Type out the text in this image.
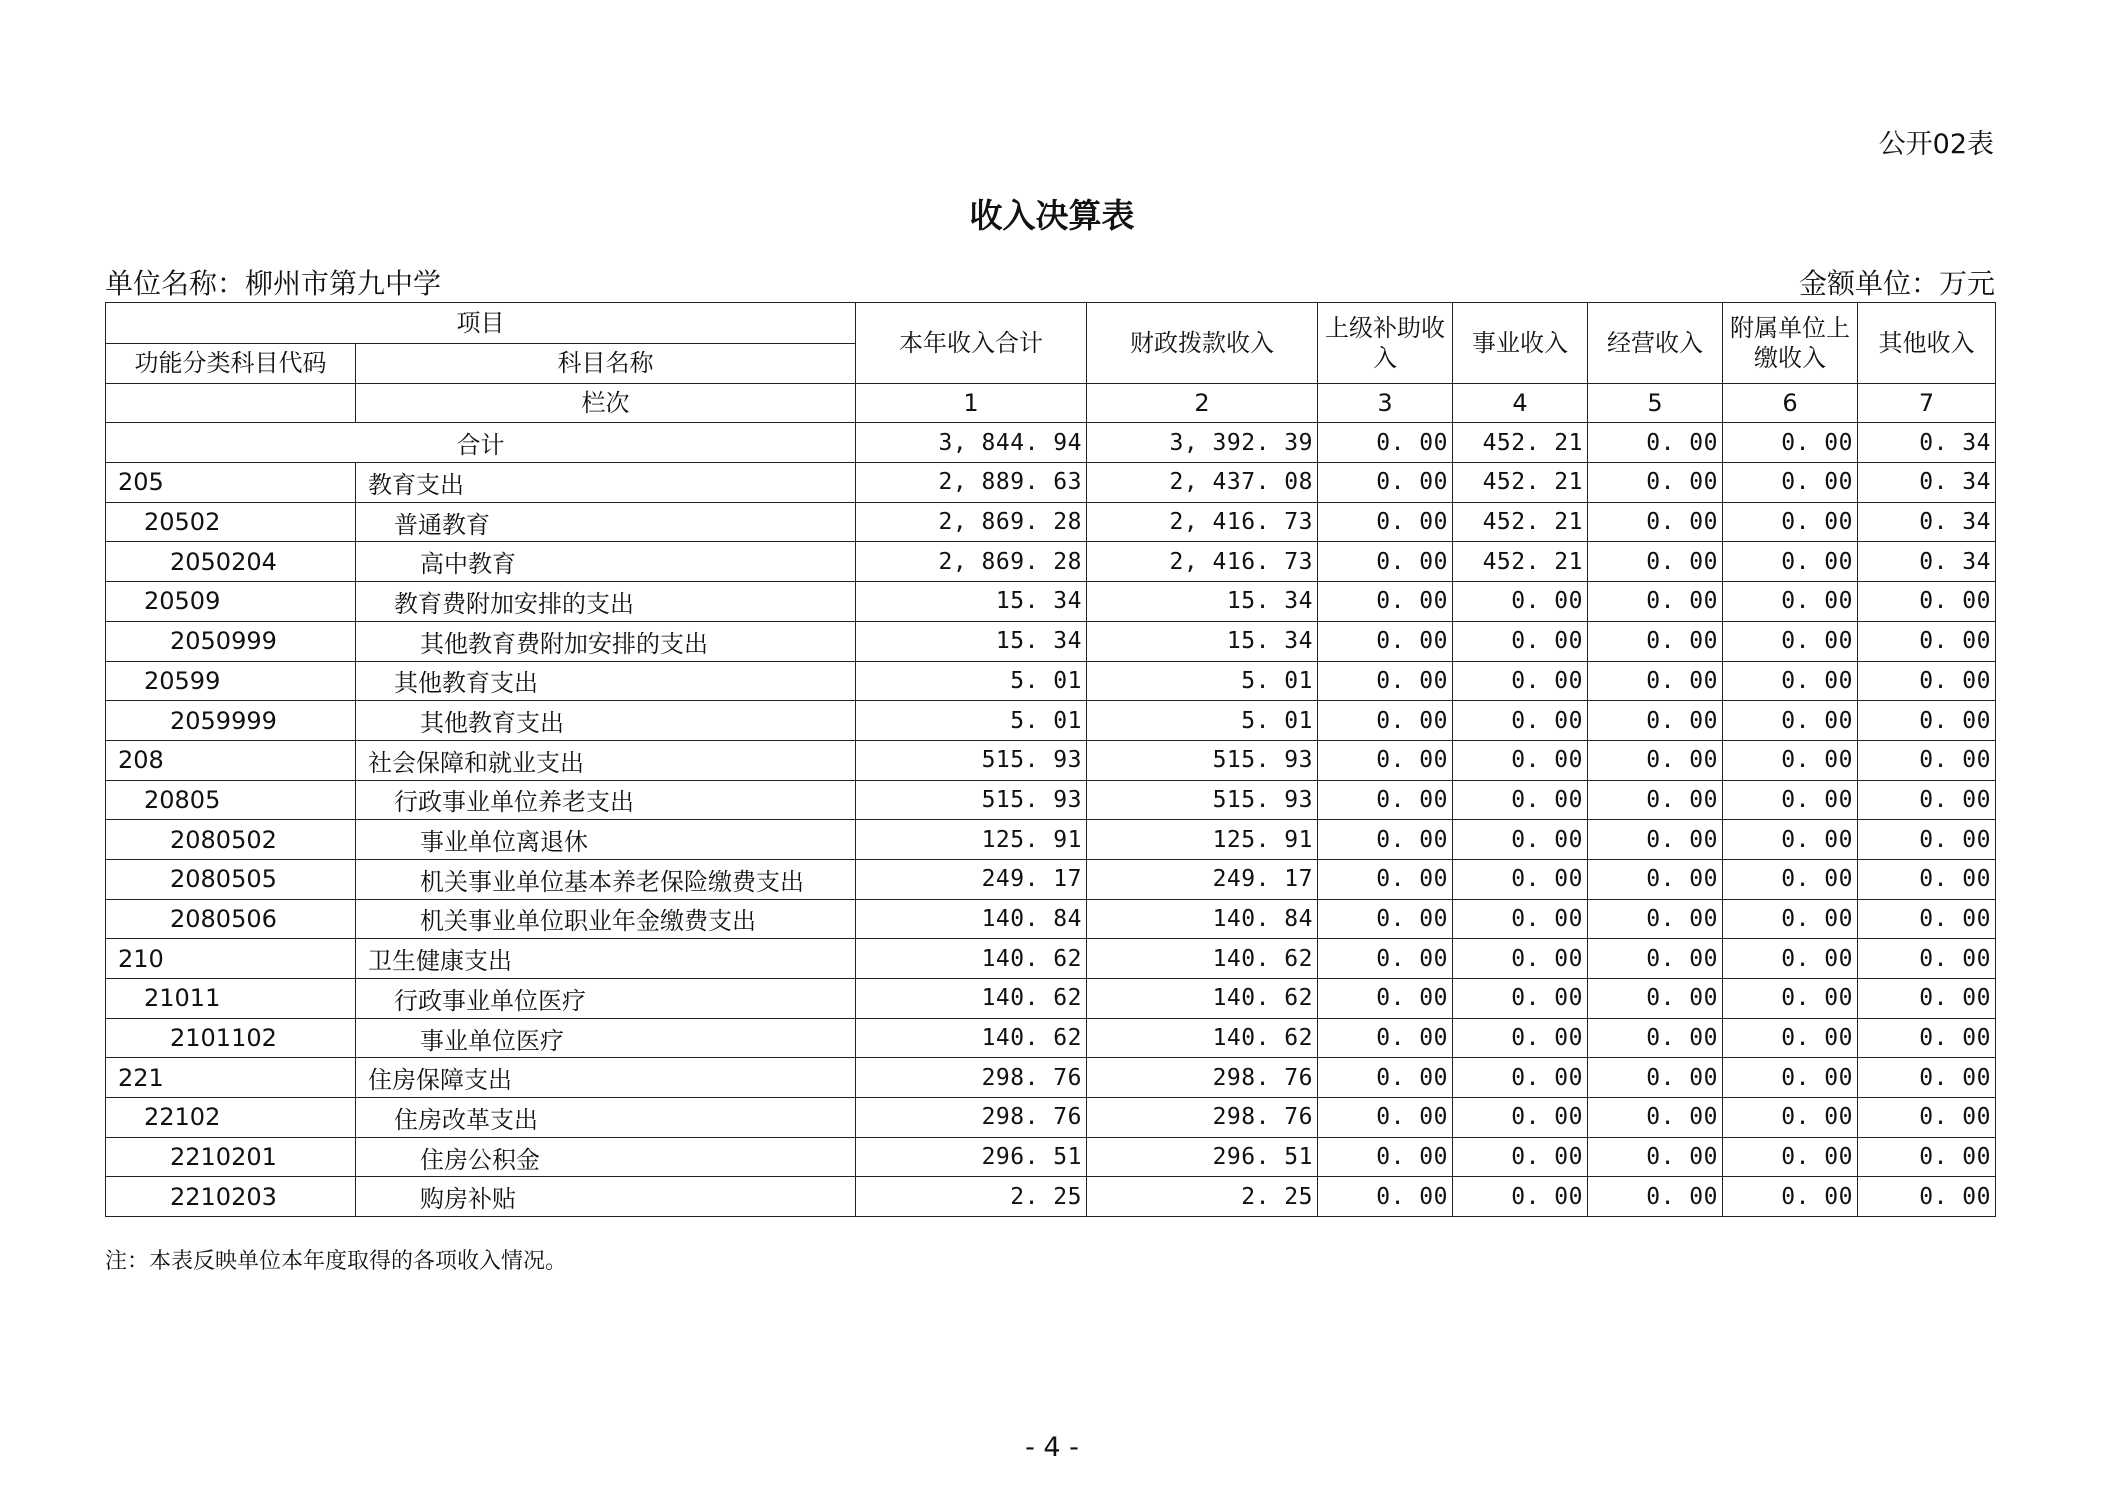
公开02表
收入决算表
单位名称：柳州市第九中学	金额单位：万元
项目		本年收入合计	财政拨款收入	上级补助收入	事业收入	经营收入	附属单位上缴收入	其他收入
功能分类科目代码	科目名称							
	栏次	1	2	3	4	5	6	7
合计		3, 844. 94	3, 392. 39	0. 00	452. 21	0. 00	0. 00	0. 34
205	教育支出	2, 889. 63	2, 437. 08	0. 00	452. 21	0. 00	0. 00	0. 34
20502	普通教育	2, 869. 28	2, 416. 73	0. 00	452. 21	0. 00	0. 00	0. 34
2050204	高中教育	2, 869. 28	2, 416. 73	0. 00	452. 21	0. 00	0. 00	0. 34
20509	教育费附加安排的支出	15. 34	15. 34	0. 00	0. 00	0. 00	0. 00	0. 00
2050999	其他教育费附加安排的支出	15. 34	15. 34	0. 00	0. 00	0. 00	0. 00	0. 00
20599	其他教育支出	5. 01	5. 01	0. 00	0. 00	0. 00	0. 00	0. 00
2059999	其他教育支出	5. 01	5. 01	0. 00	0. 00	0. 00	0. 00	0. 00
208	社会保障和就业支出	515. 93	515. 93	0. 00	0. 00	0. 00	0. 00	0. 00
20805	行政事业单位养老支出	515. 93	515. 93	0. 00	0. 00	0. 00	0. 00	0. 00
2080502	事业单位离退休	125. 91	125. 91	0. 00	0. 00	0. 00	0. 00	0. 00
2080505	机关事业单位基本养老保险缴费支出	249. 17	249. 17	0. 00	0. 00	0. 00	0. 00	0. 00
2080506	机关事业单位职业年金缴费支出	140. 84	140. 84	0. 00	0. 00	0. 00	0. 00	0. 00
210	卫生健康支出	140. 62	140. 62	0. 00	0. 00	0. 00	0. 00	0. 00
21011	行政事业单位医疗	140. 62	140. 62	0. 00	0. 00	0. 00	0. 00	0. 00
2101102	事业单位医疗	140. 62	140. 62	0. 00	0. 00	0. 00	0. 00	0. 00
221	住房保障支出	298. 76	298. 76	0. 00	0. 00	0. 00	0. 00	0. 00
22102	住房改革支出	298. 76	298. 76	0. 00	0. 00	0. 00	0. 00	0. 00
2210201	住房公积金	296. 51	296. 51	0. 00	0. 00	0. 00	0. 00	0. 00
2210203	购房补贴	2. 25	2. 25	0. 00	0. 00	0. 00	0. 00	0. 00
注：本表反映单位本年度取得的各项收入情况。
- 4 -
